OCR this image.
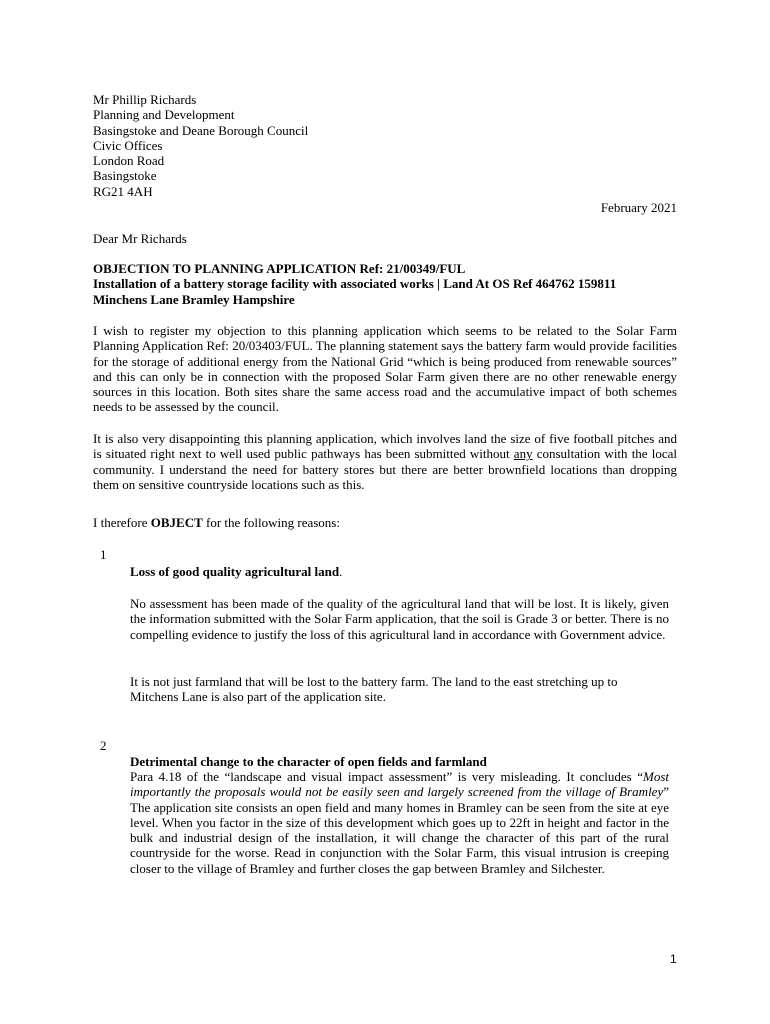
Mr Phillip Richards
Planning and Development
Basingstoke and Deane Borough Council
Civic Offices
London Road
Basingstoke
RG21 4AH
February 2021
Dear Mr Richards
OBJECTION TO PLANNING APPLICATION Ref: 21/00349/FUL
Installation of a battery storage facility with associated works | Land At OS Ref 464762 159811
Minchens Lane Bramley Hampshire

I wish to register my objection to this planning application which seems to be related to the Solar Farm Planning Application Ref: 20/03403/FUL. The planning statement says the battery farm would provide facilities for the storage of additional energy from the National Grid “which is being produced from renewable sources” and this can only be in connection with the proposed Solar Farm given there are no other renewable energy sources in this location. Both sites share the same access road and the accumulative impact of both schemes needs to be assessed by the council.

It is also very disappointing this planning application, which involves land the size of five football pitches and is situated right next to well used public pathways has been submitted without any consultation with the local community. I understand the need for battery stores but there are better brownfield locations than dropping them on sensitive countryside locations such as this.

I therefore OBJECT for the following reasons:

1
Loss of good quality agricultural land.

No assessment has been made of the quality of the agricultural land that will be lost. It is likely, given the information submitted with the Solar Farm application, that the soil is Grade 3 or better. There is no compelling evidence to justify the loss of this agricultural land in accordance with Government advice.

It is not just farmland that will be lost to the battery farm. The land to the east stretching up to Mitchens Lane is also part of the application site.

2
Detrimental change to the character of open fields and farmland

Para 4.18 of the “landscape and visual impact assessment” is very misleading. It concludes “Most importantly the proposals would not be easily seen and largely screened from the village of Bramley” The application site consists an open field and many homes in Bramley can be seen from the site at eye level. When you factor in the size of this development which goes up to 22ft in height and factor in the bulk and industrial design of the installation, it will change the character of this part of the rural countryside for the worse. Read in conjunction with the Solar Farm, this visual intrusion is creeping closer to the village of Bramley and further closes the gap between Bramley and Silchester.

1
